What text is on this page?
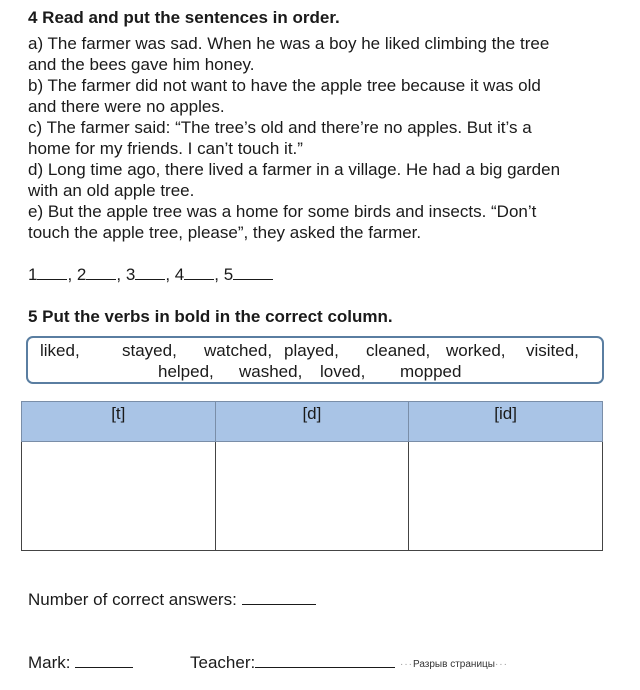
4 Read and put the sentences in order.
a) The farmer was sad. When he was a boy he liked climbing the tree
and the bees gave him honey.
b) The farmer did not want to have the apple tree because it was old
and there were no apples.
c) The farmer said: “The tree’s old and there’re no apples. But it’s a
home for my friends. I can’t touch it.”
d) Long time ago, there lived a farmer in a village. He had a big garden
with an old apple tree.
e) But the apple tree was a home for some birds and insects. “Don’t
touch the apple tree, please”, they asked the farmer.
1 , 2 , 3 , 4 , 5
5 Put the verbs in bold in the correct column.
liked, stayed, watched, played, cleaned, worked, visited,
helped, washed, loved, mopped
[t]	[d]	[id]

Number of correct answers:
Mark:	Teacher:	···Разрыв страницы···
